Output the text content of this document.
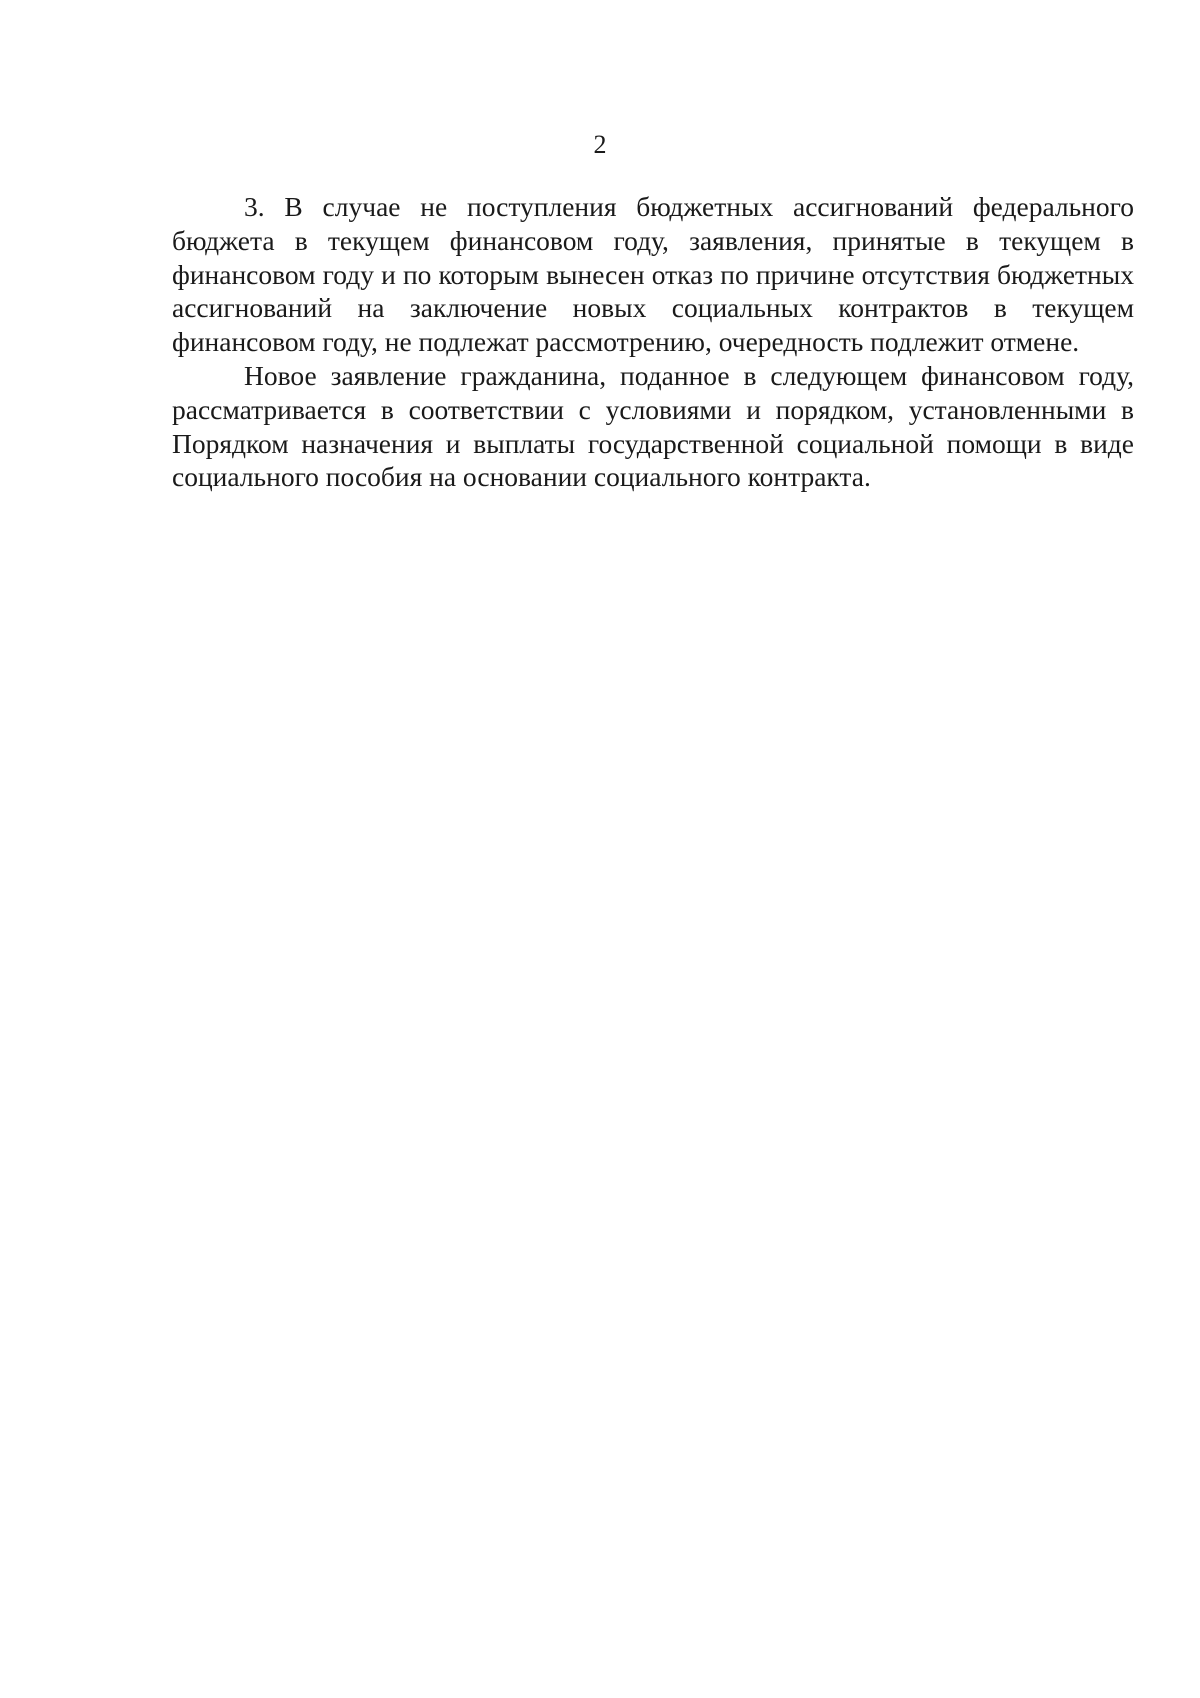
2

3. В случае не поступления бюджетных ассигнований федерального бюджета в текущем финансовом году, заявления, принятые в текущем в финансовом году и по которым вынесен отказ по причине отсутствия бюджетных ассигнований на заключение новых социальных контрактов в текущем финансовом году, не подлежат рассмотрению, очередность подлежит отмене.

Новое заявление гражданина, поданное в следующем финансовом году, рассматривается в соответствии с условиями и порядком, установленными в Порядком назначения и выплаты государственной социальной помощи в виде социального пособия на основании социального контракта.
